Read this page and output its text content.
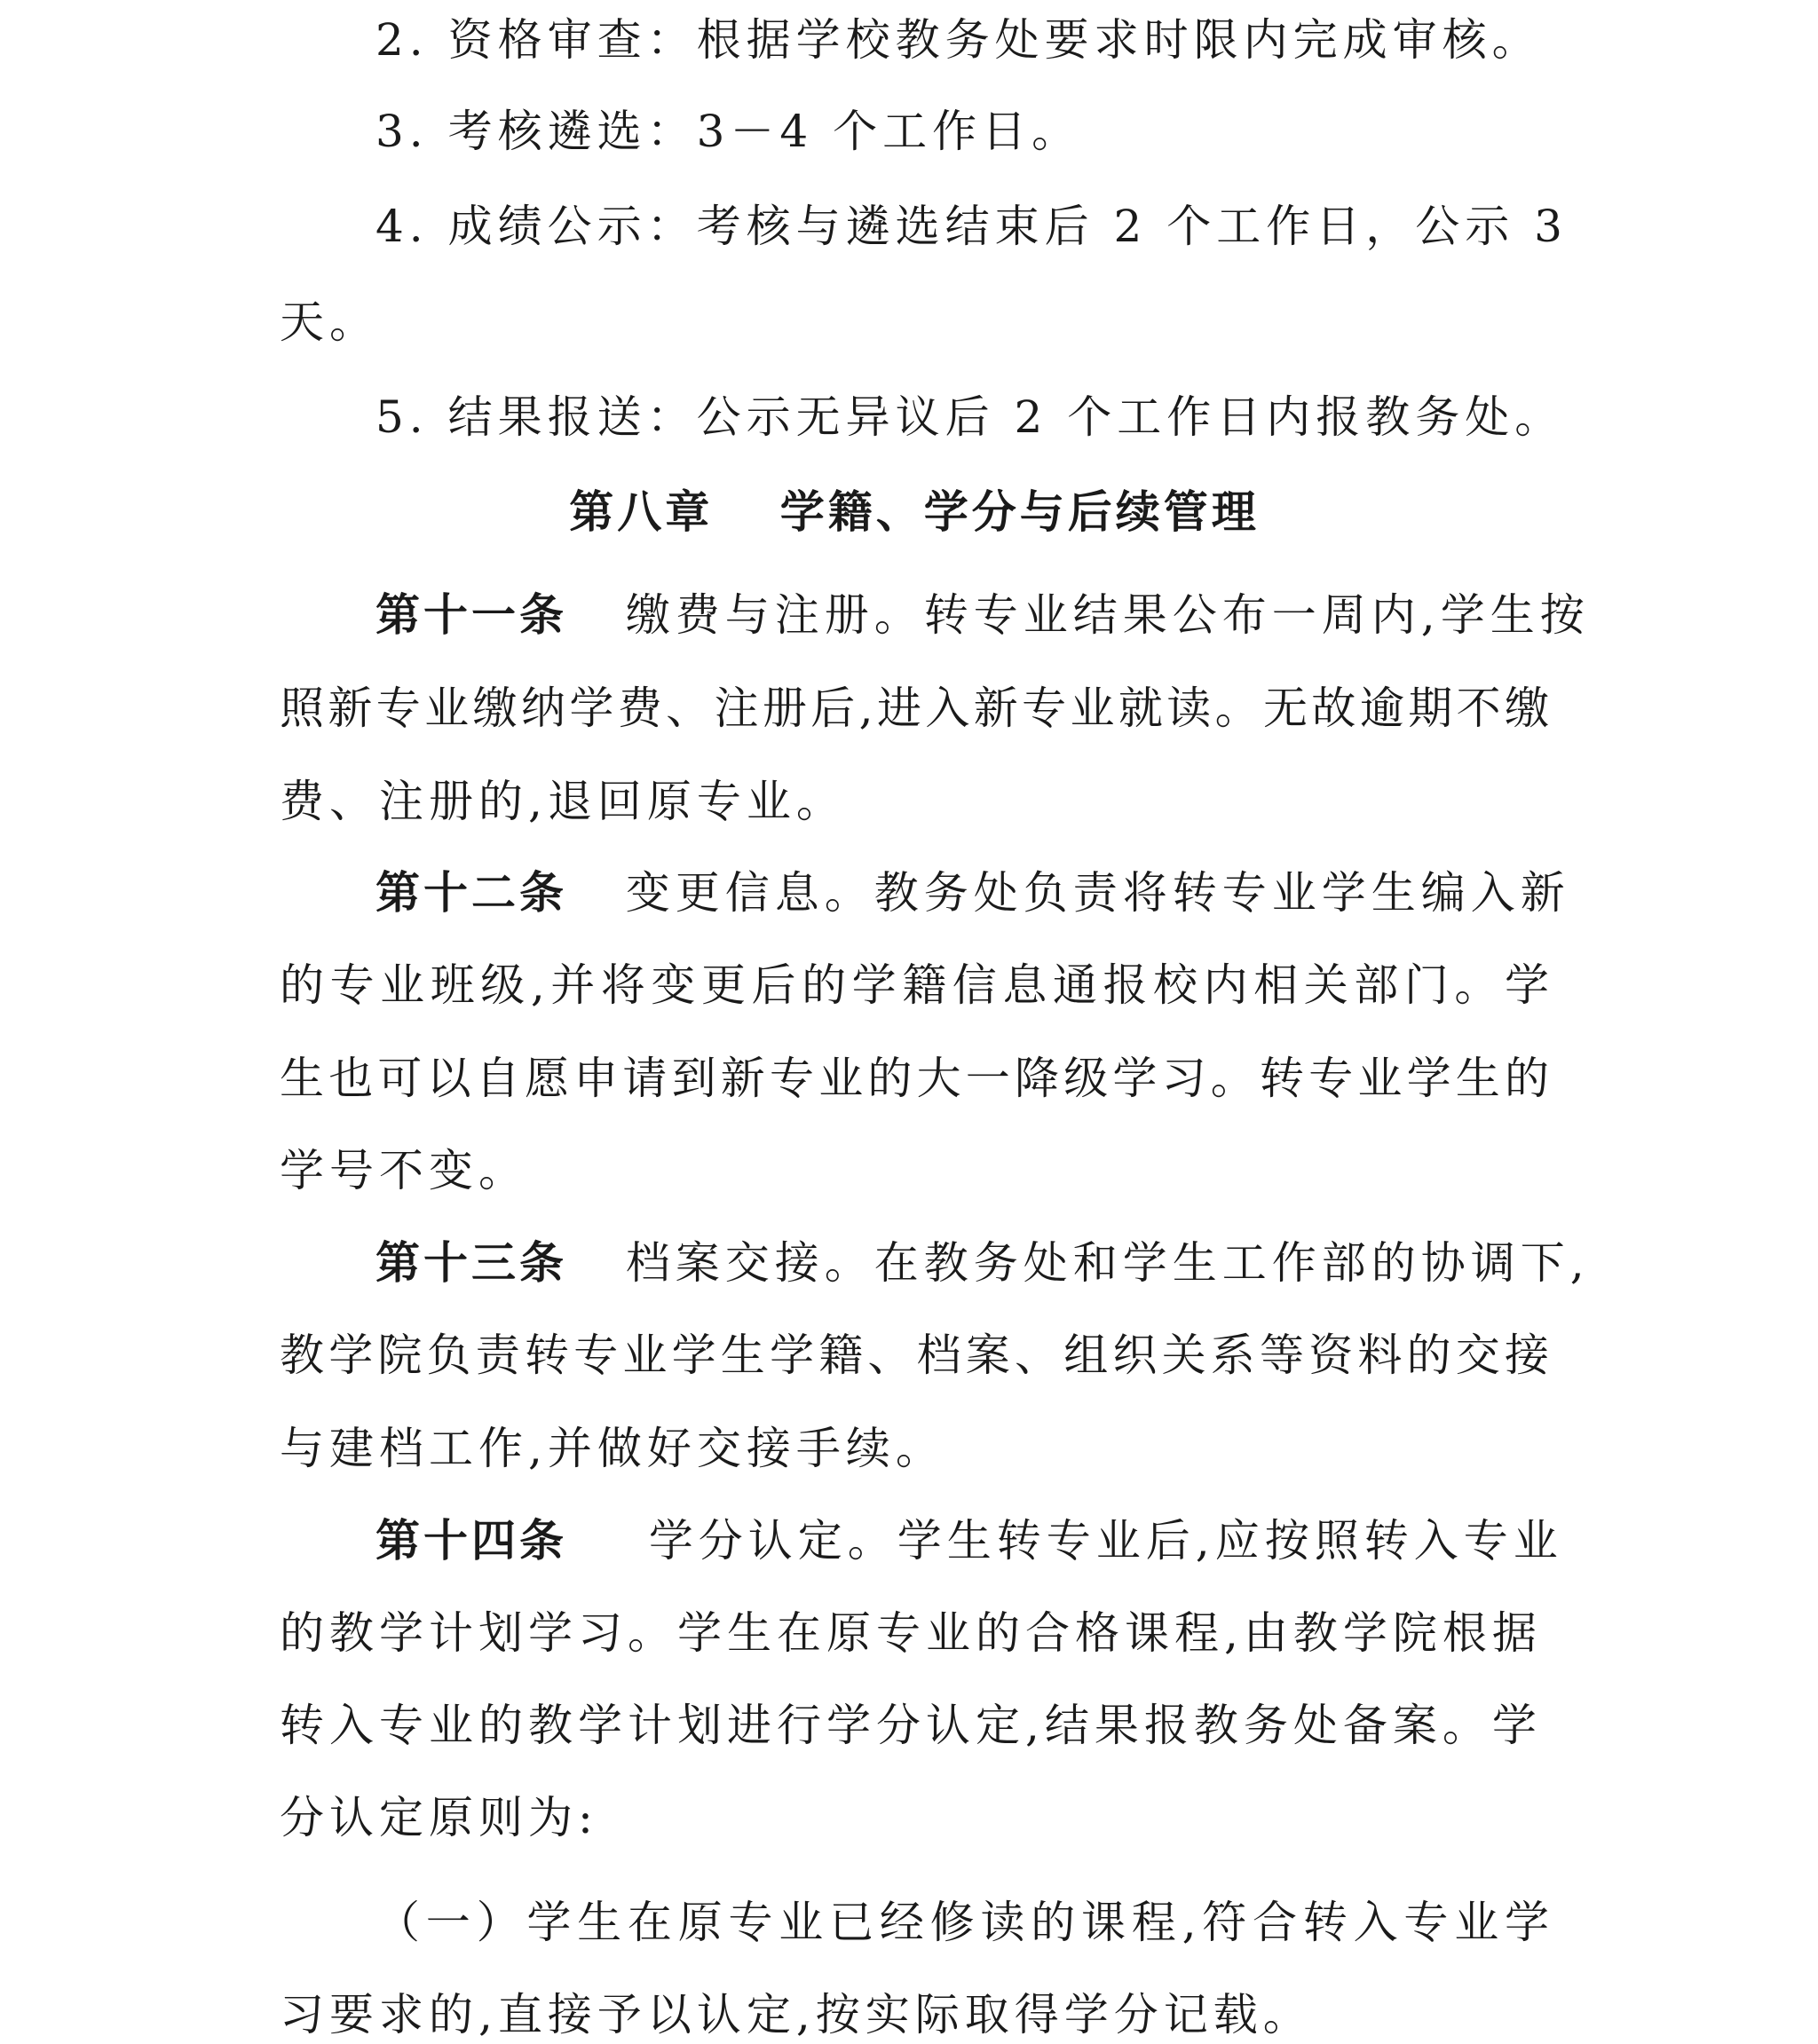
2. 资格审查：根据学校教务处要求时限内完成审核。
3. 考核遴选：3－4 个工作日。
4. 成绩公示：考核与遴选结束后 2 个工作日，公示 3
天。
5. 结果报送：公示无异议后 2 个工作日内报教务处。
第八章　 学籍、学分与后续管理
第十一条 缴费与注册。转专业结果公布一周内,学生按
照新专业缴纳学费、注册后,进入新专业就读。无故逾期不缴
费、注册的,退回原专业。
第十二条 变更信息。教务处负责将转专业学生编入新
的专业班级,并将变更后的学籍信息通报校内相关部门。学
生也可以自愿申请到新专业的大一降级学习。转专业学生的
学号不变。
第十三条 档案交接。在教务处和学生工作部的协调下,
教学院负责转专业学生学籍、档案、组织关系等资料的交接
与建档工作,并做好交接手续。
第十四条 学分认定。学生转专业后,应按照转入专业
的教学计划学习。学生在原专业的合格课程,由教学院根据
转入专业的教学计划进行学分认定,结果报教务处备案。学
分认定原则为:
（一）学生在原专业已经修读的课程,符合转入专业学
习要求的,直接予以认定,按实际取得学分记载。
